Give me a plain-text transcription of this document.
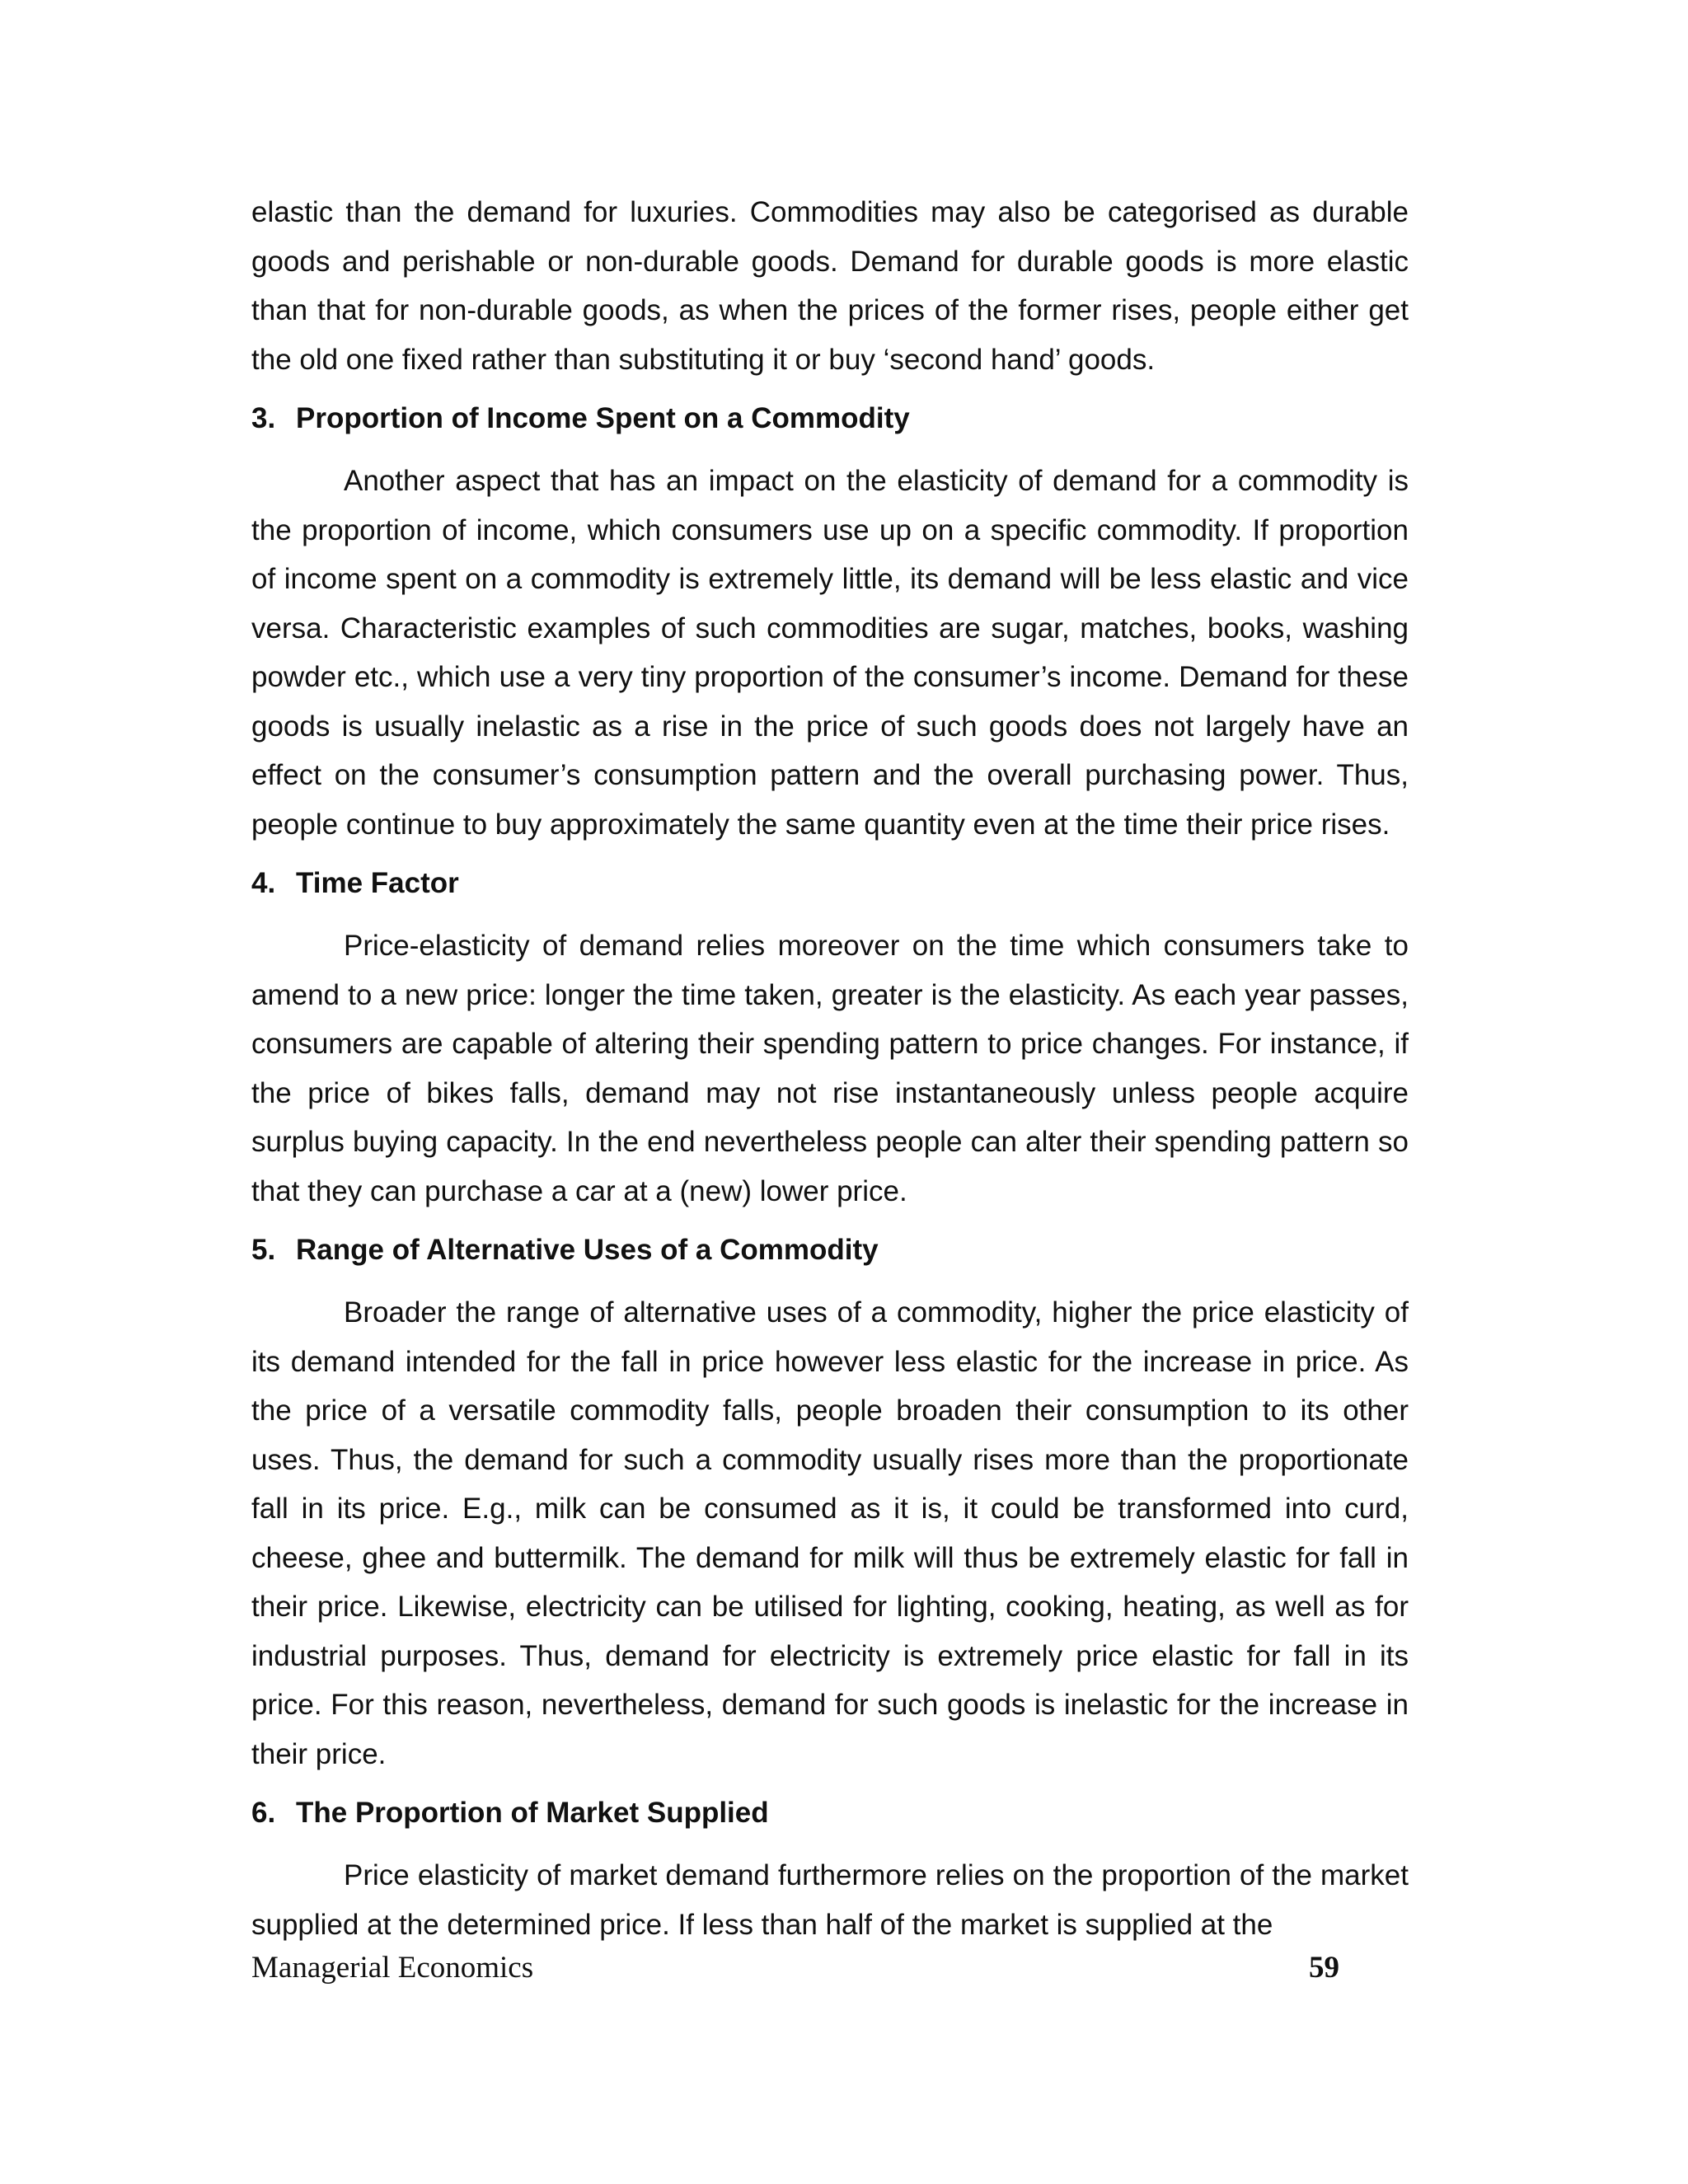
elastic than the demand for luxuries. Commodities may also be categorised as durable goods and perishable or non-durable goods. Demand for durable goods is more elastic than that for non-durable goods, as when the prices of the former rises, people either get the old one fixed rather than substituting it or buy ‘second hand’ goods.

3. Proportion of Income Spent on a Commodity

Another aspect that has an impact on the elasticity of demand for a commodity is the proportion of income, which consumers use up on a specific commodity. If proportion of income spent on a commodity is extremely little, its demand will be less elastic and vice versa. Characteristic examples of such commodities are sugar, matches, books, washing powder etc., which use a very tiny proportion of the consumer’s income. Demand for these goods is usually inelastic as a rise in the price of such goods does not largely have an effect on the consumer’s consumption pattern and the overall purchasing power. Thus, people continue to buy approximately the same quantity even at the time their price rises.

4. Time Factor

Price-elasticity of demand relies moreover on the time which consumers take to amend to a new price: longer the time taken, greater is the elasticity. As each year passes, consumers are capable of altering their spending pattern to price changes. For instance, if the price of bikes falls, demand may not rise instantaneously unless people acquire surplus buying capacity. In the end nevertheless people can alter their spending pattern so that they can purchase a car at a (new) lower price.

5. Range of Alternative Uses of a Commodity

Broader the range of alternative uses of a commodity, higher the price elasticity of its demand intended for the fall in price however less elastic for the increase in price. As the price of a versatile commodity falls, people broaden their consumption to its other uses. Thus, the demand for such a commodity usually rises more than the proportionate fall in its price. E.g., milk can be consumed as it is, it could be transformed into curd, cheese, ghee and buttermilk. The demand for milk will thus be extremely elastic for fall in their price. Likewise, electricity can be utilised for lighting, cooking, heating, as well as for industrial purposes. Thus, demand for electricity is extremely price elastic for fall in its price. For this reason, nevertheless, demand for such goods is inelastic for the increase in their price.

6. The Proportion of Market Supplied

Price elasticity of market demand furthermore relies on the proportion of the market supplied at the determined price. If less than half of the market is supplied at the

Managerial Economics	59
